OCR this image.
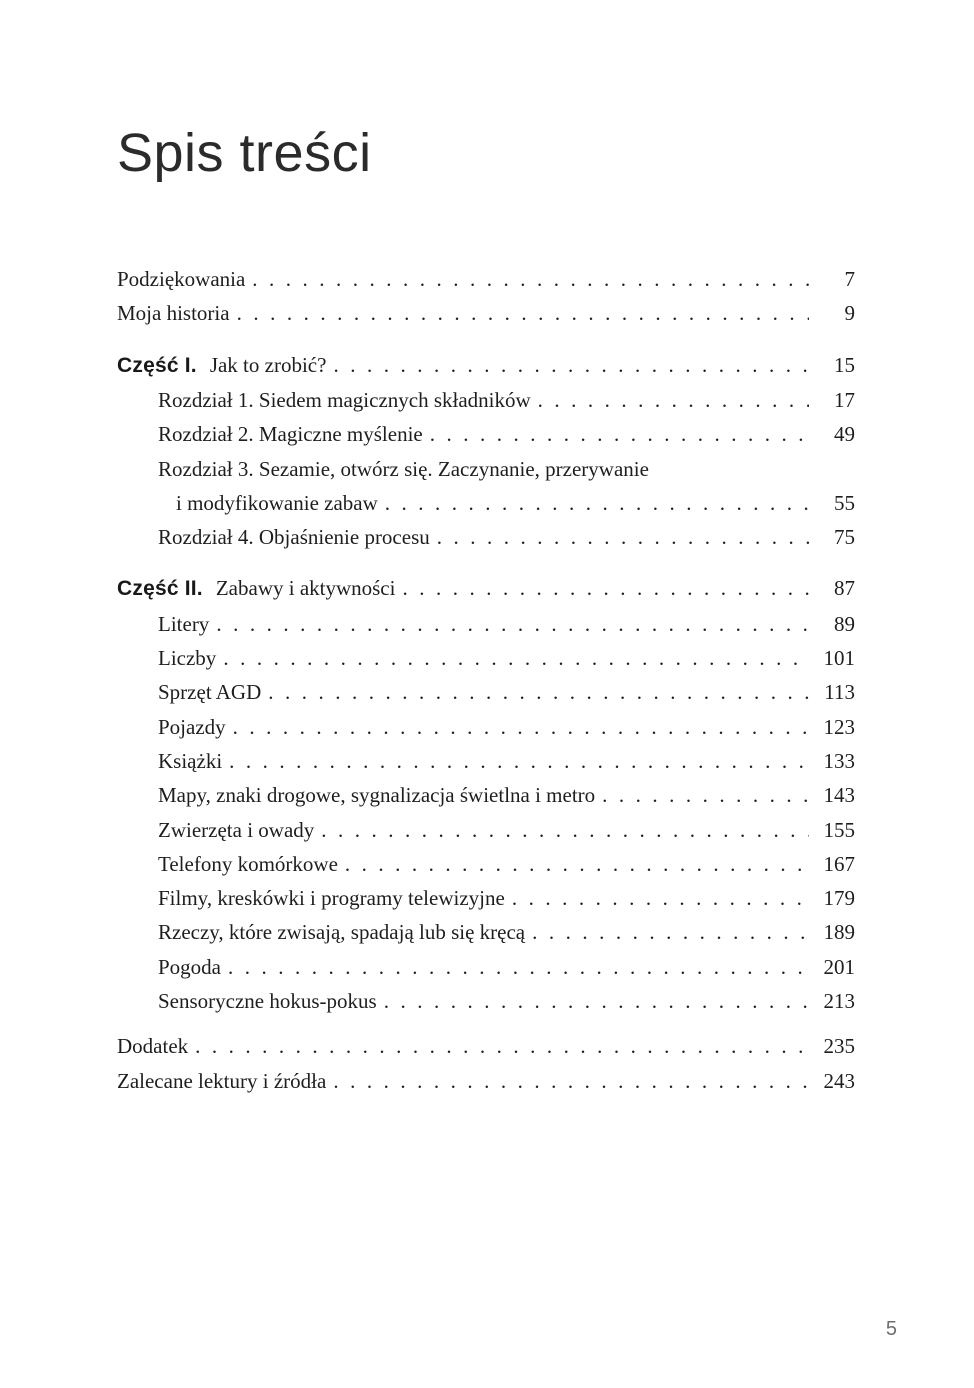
Spis treści
Podziękowania .....	7
Moja historia .....	9
Część I. Jak to zrobić? .....	15
Rozdział 1. Siedem magicznych składników .....	17
Rozdział 2. Magiczne myślenie .....	49
Rozdział 3. Sezamie, otwórz się. Zaczynanie, przerywanie
i modyfikowanie zabaw .....	55
Rozdział 4. Objaśnienie procesu .....	75
Część II. Zabawy i aktywności .....	87
Litery .....	89
Liczby .....	101
Sprzęt AGD .....	113
Pojazdy .....	123
Książki .....	133
Mapy, znaki drogowe, sygnalizacja świetlna i metro .....	143
Zwierzęta i owady .....	155
Telefony komórkowe .....	167
Filmy, kreskówki i programy telewizyjne .....	179
Rzeczy, które zwisają, spadają lub się kręcą .....	189
Pogoda .....	201
Sensoryczne hokus-pokus .....	213
Dodatek .....	235
Zalecane lektury i źródła .....	243
5
